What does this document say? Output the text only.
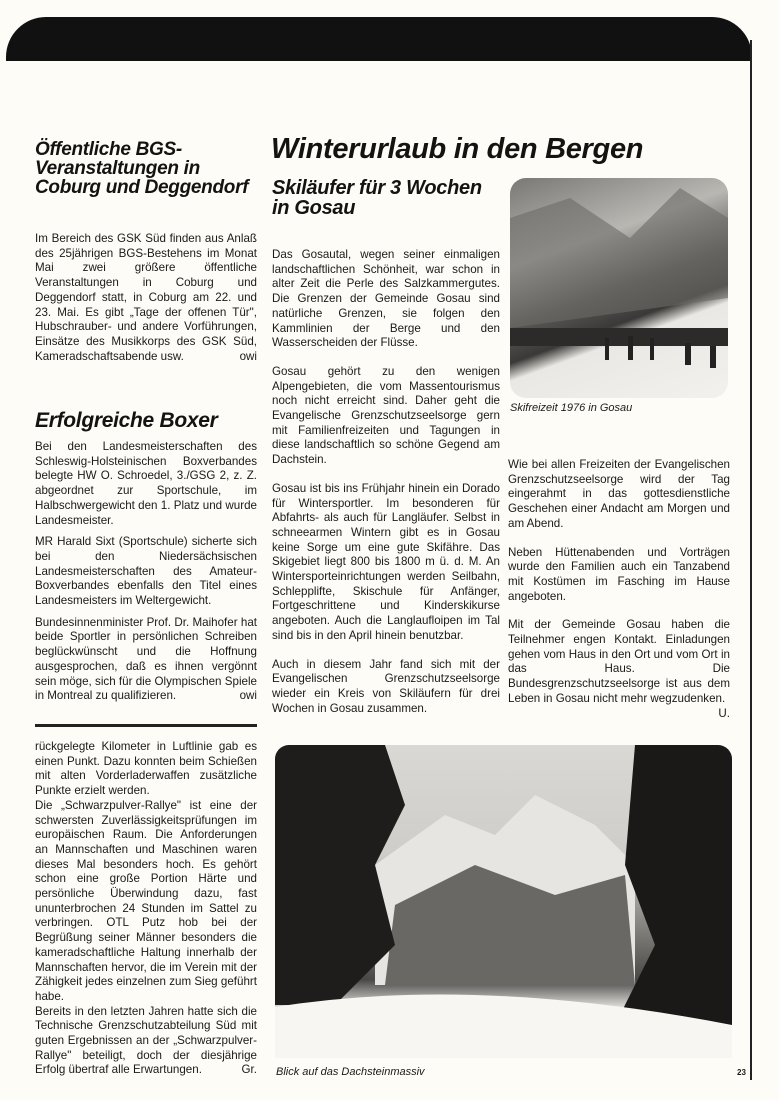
Öffentliche BGS-Veranstaltungen in Coburg und Deggendorf

Im Bereich des GSK Süd finden aus Anlaß des 25jährigen BGS-Bestehens im Monat Mai zwei größere öffentliche Veranstaltungen in Coburg und Deggendorf statt, in Coburg am 22. und 23. Mai. Es gibt „Tage der offenen Tür", Hubschrauber- und andere Vorführungen, Einsätze des Musikkorps des GSK Süd, Kameradschaftsabende usw.	owi

Erfolgreiche Boxer

Bei den Landesmeisterschaften des Schleswig-Holsteinischen Boxverbandes belegte HW O. Schroedel, 3./GSG 2, z. Z. abgeordnet zur Sportschule, im Halbschwergewicht den 1. Platz und wurde Landesmeister.

MR Harald Sixt (Sportschule) sicherte sich bei den Niedersächsischen Landesmeisterschaften des Amateur-Boxverbandes ebenfalls den Titel eines Landesmeisters im Weltergewicht.

Bundesinnenminister Prof. Dr. Maihofer hat beide Sportler in persönlichen Schreiben beglückwünscht und die Hoffnung ausgesprochen, daß es ihnen vergönnt sein möge, sich für die Olympischen Spiele in Montreal zu qualifizieren.	owi

rückgelegte Kilometer in Luftlinie gab es einen Punkt. Dazu konnten beim Schießen mit alten Vorderladerwaffen zusätzliche Punkte erzielt werden.

Die „Schwarzpulver-Rallye" ist eine der schwersten Zuverlässigkeitsprüfungen im europäischen Raum. Die Anforderungen an Mannschaften und Maschinen waren dieses Mal besonders hoch. Es gehört schon eine große Portion Härte und persönliche Überwindung dazu, fast ununterbrochen 24 Stunden im Sattel zu verbringen. OTL Putz hob bei der Begrüßung seiner Männer besonders die kameradschaftliche Haltung innerhalb der Mannschaften hervor, die im Verein mit der Zähigkeit jedes einzelnen zum Sieg geführt habe.

Bereits in den letzten Jahren hatte sich die Technische Grenzschutzabteilung Süd mit guten Ergebnissen an der „Schwarzpulver-Rallye" beteiligt, doch der diesjährige Erfolg übertraf alle Erwartungen.	Gr.

Winterurlaub in den Bergen
Skiläufer für 3 Wochen in Gosau

Das Gosautal, wegen seiner einmaligen landschaftlichen Schönheit, war schon in alter Zeit die Perle des Salzkammergutes. Die Grenzen der Gemeinde Gosau sind natürliche Grenzen, sie folgen den Kammlinien der Berge und den Wasserscheiden der Flüsse.

Gosau gehört zu den wenigen Alpengebieten, die vom Massentourismus noch nicht erreicht sind. Daher geht die Evangelische Grenzschutzseelsorge gern mit Familienfreizeiten und Tagungen in diese landschaftlich so schöne Gegend am Dachstein.

Gosau ist bis ins Frühjahr hinein ein Dorado für Wintersportler. Im besonderen für Abfahrts- als auch für Langläufer. Selbst in schneearmen Wintern gibt es in Gosau keine Sorge um eine gute Skifähre. Das Skigebiet liegt 800 bis 1800 m ü. d. M. An Wintersporteinrichtungen werden Seilbahn, Schlepplifte, Skischule für Anfänger, Fortgeschrittene und Kinderskikurse angeboten. Auch die Langlaufloipen im Tal sind bis in den April hinein benutzbar.

Auch in diesem Jahr fand sich mit der Evangelischen Grenzschutzseelsorge wieder ein Kreis von Skiläufern für drei Wochen in Gosau zusammen.

Skifreizeit 1976 in Gosau

Wie bei allen Freizeiten der Evangelischen Grenzschutzseelsorge wird der Tag eingerahmt in das gottesdienstliche Geschehen einer Andacht am Morgen und am Abend.

Neben Hüttenabenden und Vorträgen wurde den Familien auch ein Tanzabend mit Kostümen im Fasching im Hause angeboten.

Mit der Gemeinde Gosau haben die Teilnehmer engen Kontakt. Einladungen gehen vom Haus in den Ort und vom Ort in das Haus. Die Bundesgrenzschutzseelsorge ist aus dem Leben in Gosau nicht mehr wegzudenken.
U.

Blick auf das Dachsteinmassiv	23
